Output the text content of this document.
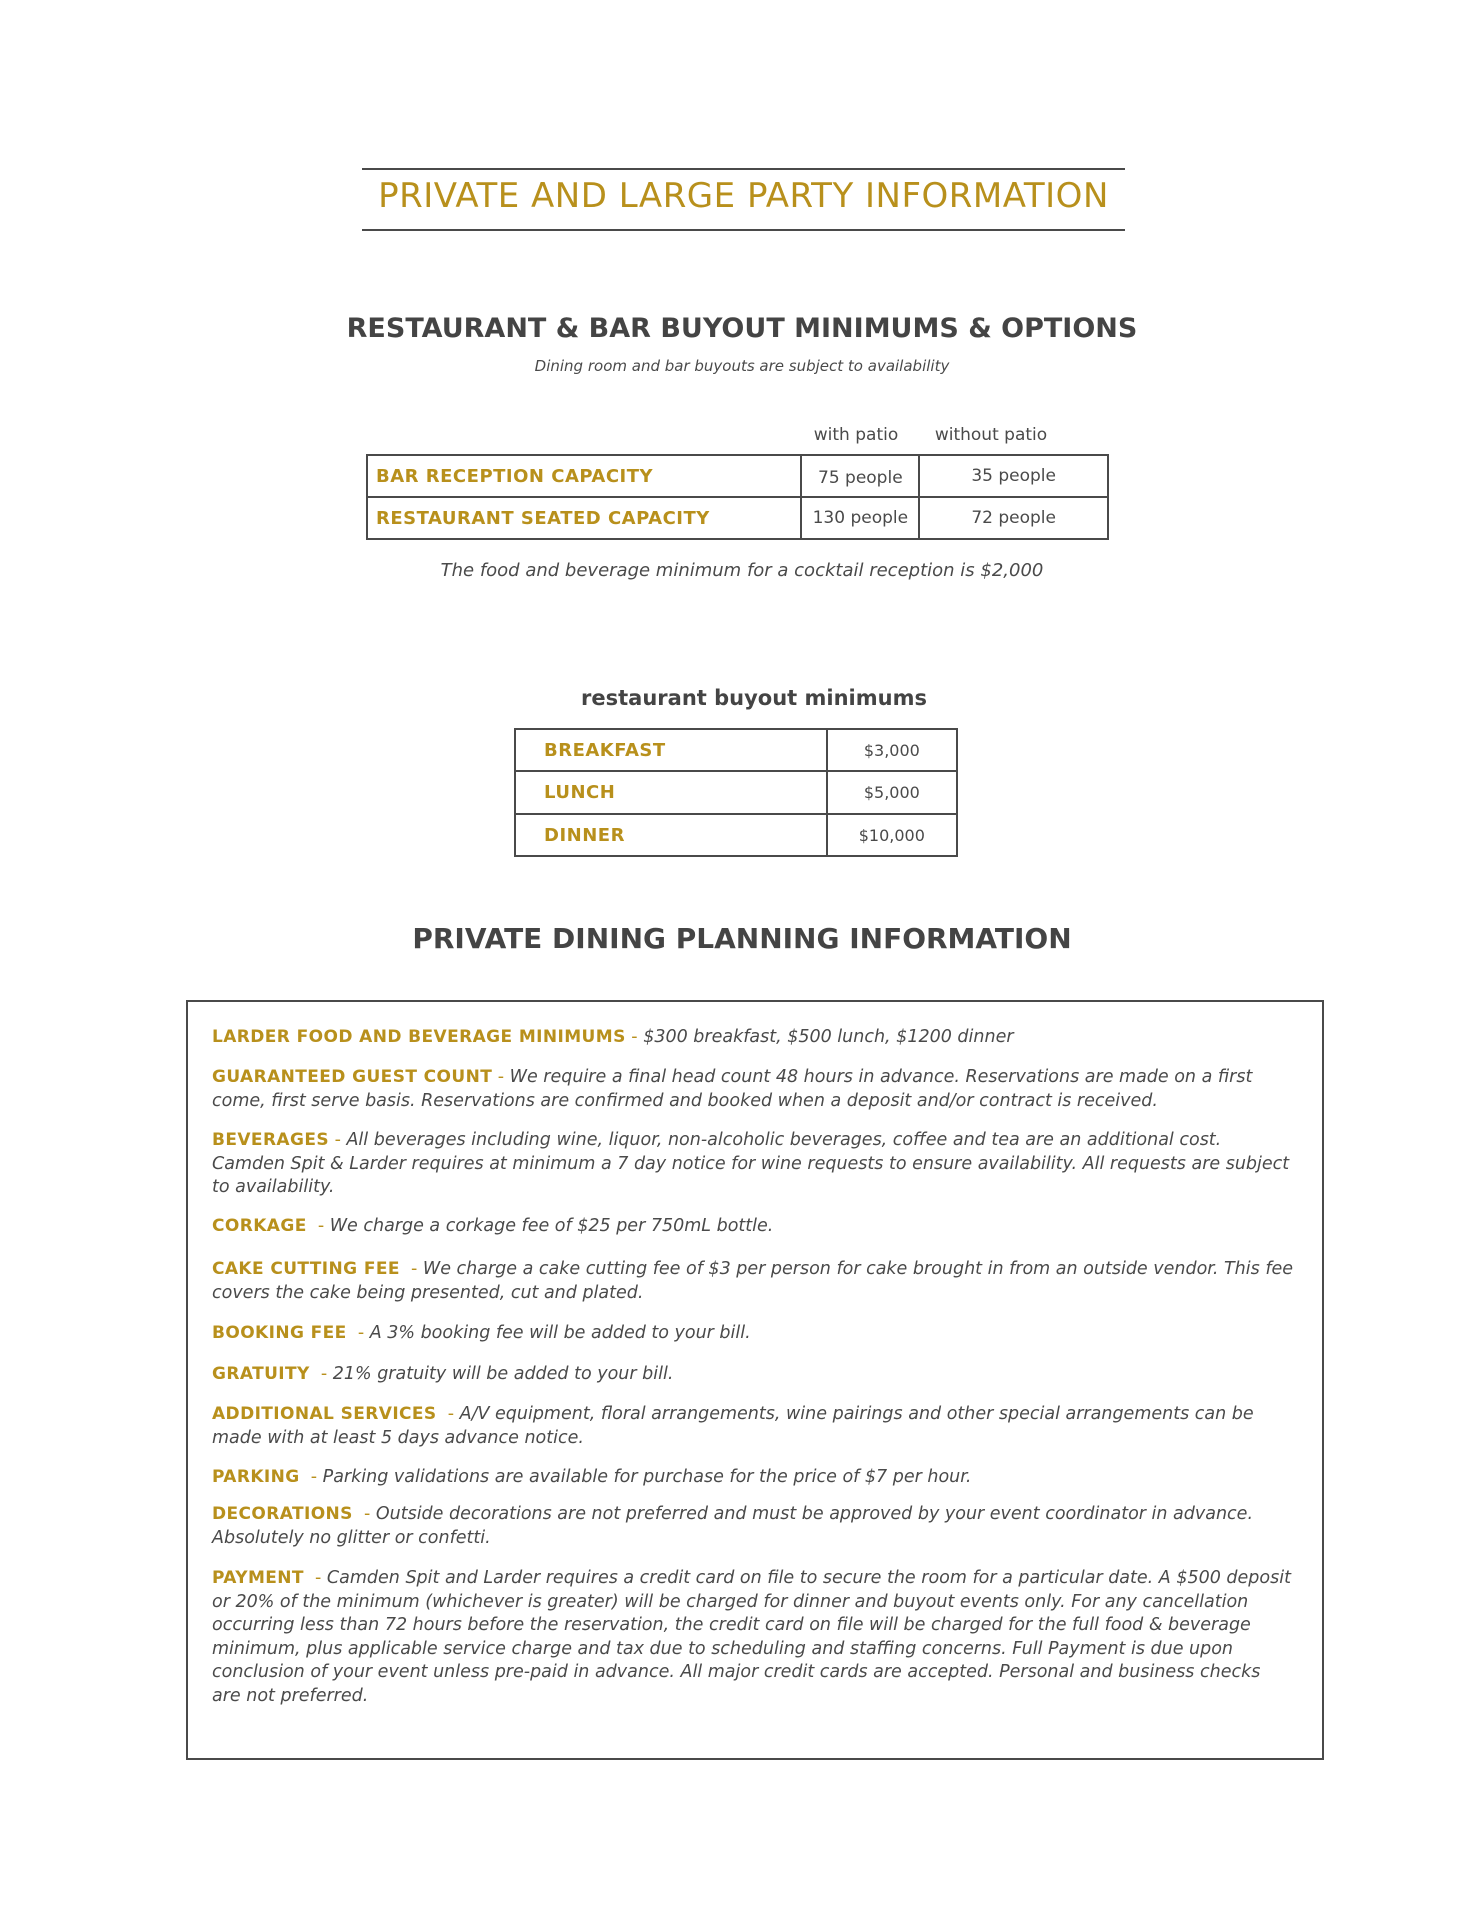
PRIVATE AND LARGE PARTY INFORMATION
RESTAURANT & BAR BUYOUT MINIMUMS & OPTIONS
Dining room and bar buyouts are subject to availability
with patio	without patio
BAR RECEPTION CAPACITY	75 people	35 people
RESTAURANT SEATED CAPACITY	130 people	72 people
The food and beverage minimum for a cocktail reception is $2,000
restaurant buyout minimums
BREAKFAST	$3,000
LUNCH	$5,000
DINNER	$10,000
PRIVATE DINING PLANNING INFORMATION
LARDER FOOD AND BEVERAGE MINIMUMS - $300 breakfast, $500 lunch, $1200 dinner
GUARANTEED GUEST COUNT - We require a final head count 48 hours in advance. Reservations are made on a first come, first serve basis. Reservations are confirmed and booked when a deposit and/or contract is received.
BEVERAGES - All beverages including wine, liquor, non-alcoholic beverages, coffee and tea are an additional cost. Camden Spit & Larder requires at minimum a 7 day notice for wine requests to ensure availability. All requests are subject to availability.
CORKAGE  - We charge a corkage fee of $25 per 750mL bottle.
CAKE CUTTING FEE  - We charge a cake cutting fee of $3 per person for cake brought in from an outside vendor. This fee covers the cake being presented, cut and plated.
BOOKING FEE  - A 3% booking fee will be added to your bill.
GRATUITY  - 21% gratuity will be added to your bill.
ADDITIONAL SERVICES  - A/V equipment, floral arrangements, wine pairings and other special arrangements can be made with at least 5 days advance notice.
PARKING  - Parking validations are available for purchase for the price of $7 per hour.
DECORATIONS  - Outside decorations are not preferred and must be approved by your event coordinator in advance. Absolutely no glitter or confetti.
PAYMENT  - Camden Spit and Larder requires a credit card on file to secure the room for a particular date. A $500 deposit or 20% of the minimum (whichever is greater) will be charged for dinner and buyout events only. For any cancellation occurring less than 72 hours before the reservation, the credit card on file will be charged for the full food & beverage minimum, plus applicable service charge and tax due to scheduling and staffing concerns. Full Payment is due upon conclusion of your event unless pre-paid in advance. All major credit cards are accepted. Personal and business checks are not preferred.
